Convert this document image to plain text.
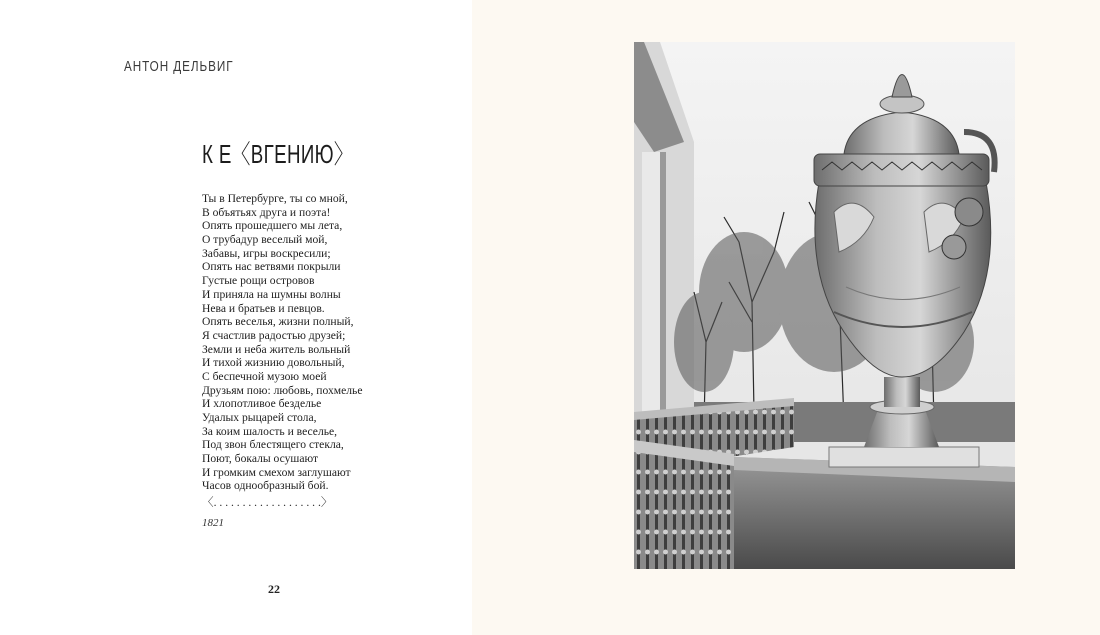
АНТОН ДЕЛЬВИГ
К Е〈ВГЕНИЮ〉
Ты в Петербурге, ты со мной,
В объятьях друга и поэта!
Опять прошедшего мы лета,
О трубадур веселый мой,
Забавы, игры воскресили;
Опять нас ветвями покрыли
Густые рощи островов
И приняла на шумны волны
Нева и братьев и певцов.
Опять веселья, жизни полный,
Я счастлив радостью друзей;
Земли и неба житель вольный
И тихой жизнию довольный,
С беспечной музою моей
Друзьям пою: любовь, похмелье
И хлопотливое безделье
Удалых рыцарей стола,
За коим шалость и веселье,
Под звон блестящего стекла,
Поют, бокалы осушают
И громким смехом заглушают
Часов однообразный бой.
〈. . . . . . . . . . . . . . . . . . .〉
1821
22
